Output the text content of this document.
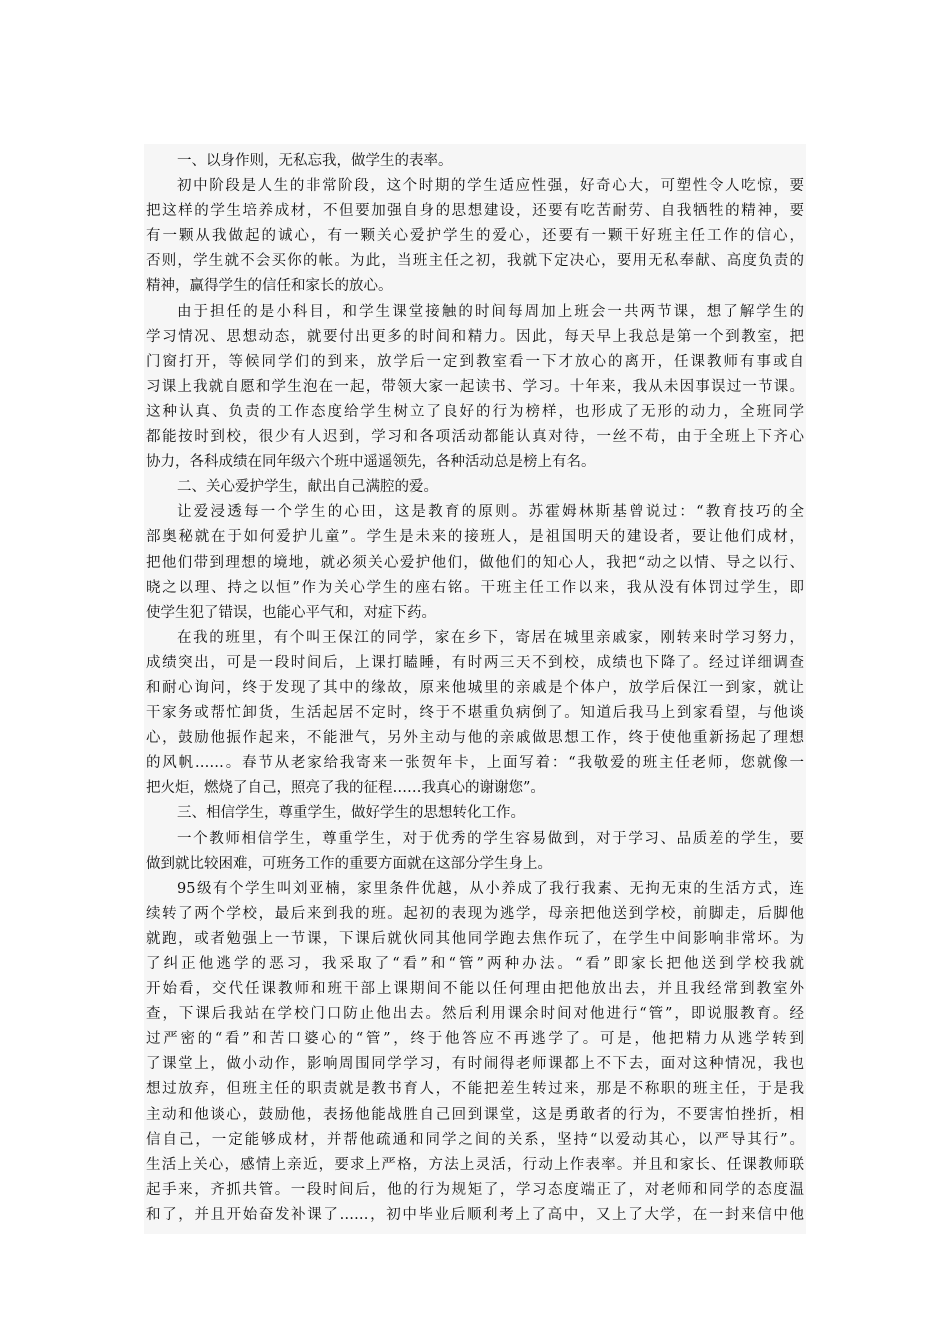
一、以身作则，无私忘我，做学生的表率。
初中阶段是人生的非常阶段，这个时期的学生适应性强，好奇心大，可塑性令人吃惊，要
把这样的学生培养成材，不但要加强自身的思想建设，还要有吃苦耐劳、自我牺牲的精神，要
有一颗从我做起的诚心，有一颗关心爱护学生的爱心，还要有一颗干好班主任工作的信心，
否则，学生就不会买你的帐。为此，当班主任之初，我就下定决心，要用无私奉献、高度负责的
精神，赢得学生的信任和家长的放心。
由于担任的是小科目，和学生课堂接触的时间每周加上班会一共两节课，想了解学生的
学习情况、思想动态，就要付出更多的时间和精力。因此，每天早上我总是第一个到教室，把
门窗打开，等候同学们的到来，放学后一定到教室看一下才放心的离开，任课教师有事或自
习课上我就自愿和学生泡在一起，带领大家一起读书、学习。十年来，我从未因事误过一节课。
这种认真、负责的工作态度给学生树立了良好的行为榜样，也形成了无形的动力，全班同学
都能按时到校，很少有人迟到，学习和各项活动都能认真对待，一丝不苟，由于全班上下齐心
协力，各科成绩在同年级六个班中遥遥领先，各种活动总是榜上有名。
二、关心爱护学生，献出自己满腔的爱。
让爱浸透每一个学生的心田，这是教育的原则。苏霍姆林斯基曾说过：“教育技巧的全
部奥秘就在于如何爱护儿童”。学生是未来的接班人，是祖国明天的建设者，要让他们成材，
把他们带到理想的境地，就必须关心爱护他们，做他们的知心人，我把“动之以情、导之以行、
晓之以理、持之以恒”作为关心学生的座右铭。干班主任工作以来，我从没有体罚过学生，即
使学生犯了错误，也能心平气和，对症下药。
在我的班里，有个叫王保江的同学，家在乡下，寄居在城里亲戚家，刚转来时学习努力，
成绩突出，可是一段时间后，上课打瞌睡，有时两三天不到校，成绩也下降了。经过详细调查
和耐心询问，终于发现了其中的缘故，原来他城里的亲戚是个体户，放学后保江一到家，就让
干家务或帮忙卸货，生活起居不定时，终于不堪重负病倒了。知道后我马上到家看望，与他谈
心，鼓励他振作起来，不能泄气，另外主动与他的亲戚做思想工作，终于使他重新扬起了理想
的风帆……。春节从老家给我寄来一张贺年卡，上面写着：“我敬爱的班主任老师，您就像一
把火炬，燃烧了自己，照亮了我的征程……我真心的谢谢您”。
三、相信学生，尊重学生，做好学生的思想转化工作。
一个教师相信学生，尊重学生，对于优秀的学生容易做到，对于学习、品质差的学生，要
做到就比较困难，可班务工作的重要方面就在这部分学生身上。
95级有个学生叫刘亚楠，家里条件优越，从小养成了我行我素、无拘无束的生活方式，连
续转了两个学校，最后来到我的班。起初的表现为逃学，母亲把他送到学校，前脚走，后脚他
就跑，或者勉强上一节课，下课后就伙同其他同学跑去焦作玩了，在学生中间影响非常坏。为
了纠正他逃学的恶习，我采取了“看”和“管”两种办法。“看”即家长把他送到学校我就
开始看，交代任课教师和班干部上课期间不能以任何理由把他放出去，并且我经常到教室外
查，下课后我站在学校门口防止他出去。然后利用课余时间对他进行“管”，即说服教育。经
过严密的“看”和苦口婆心的“管”，终于他答应不再逃学了。可是，他把精力从逃学转到
了课堂上，做小动作，影响周围同学学习，有时闹得老师课都上不下去，面对这种情况，我也
想过放弃，但班主任的职责就是教书育人，不能把差生转过来，那是不称职的班主任，于是我
主动和他谈心，鼓励他，表扬他能战胜自己回到课堂，这是勇敢者的行为，不要害怕挫折，相
信自己，一定能够成材，并帮他疏通和同学之间的关系，坚持“以爱动其心，以严导其行”。
生活上关心，感情上亲近，要求上严格，方法上灵活，行动上作表率。并且和家长、任课教师联
起手来，齐抓共管。一段时间后，他的行为规矩了，学习态度端正了，对老师和同学的态度温
和了，并且开始奋发补课了……，初中毕业后顺利考上了高中，又上了大学，在一封来信中他
